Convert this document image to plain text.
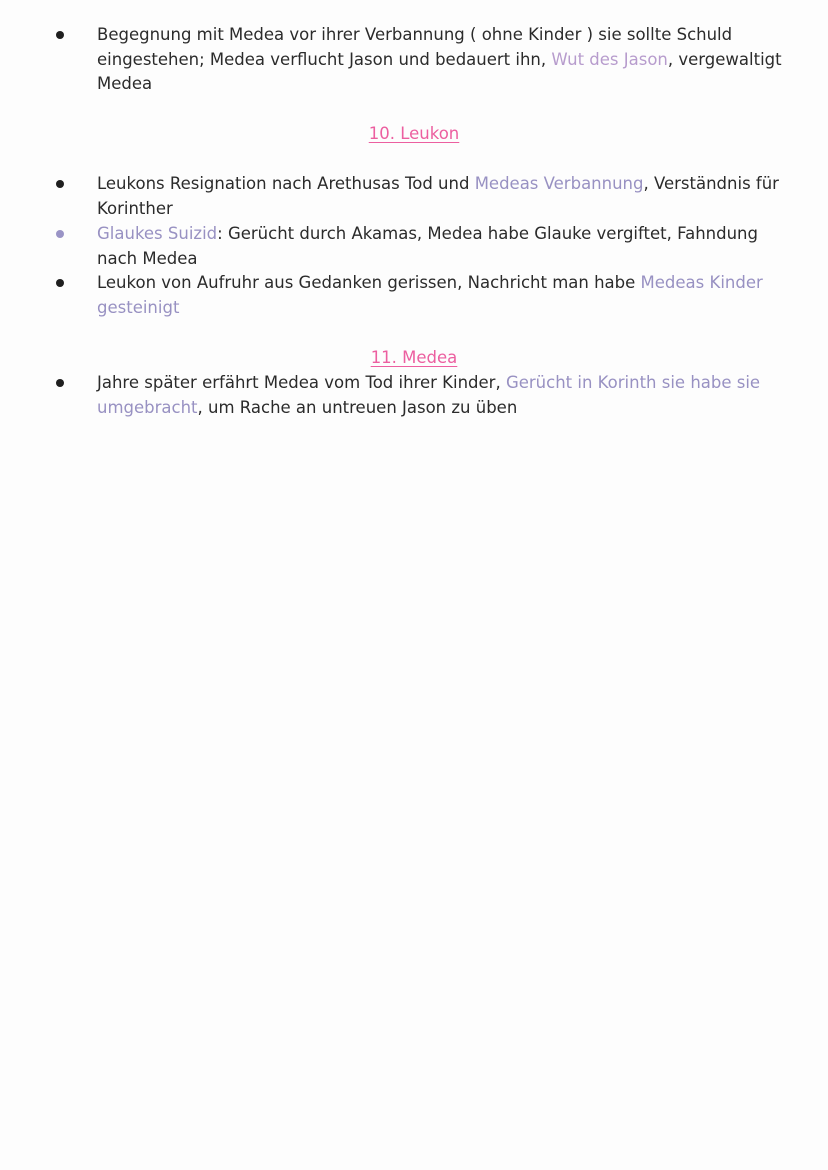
Begegnung mit Medea vor ihrer Verbannung ( ohne Kinder ) sie sollte Schuld eingestehen; Medea verflucht Jason und bedauert ihn, Wut des Jason, vergewaltigt Medea
10. Leukon
Leukons Resignation nach Arethusas Tod und Medeas Verbannung, Verständnis für Korinther
Glaukes Suizid: Gerücht durch Akamas, Medea habe Glauke vergiftet, Fahndung nach Medea
Leukon von Aufruhr aus Gedanken gerissen, Nachricht man habe Medeas Kinder gesteinigt
11. Medea
Jahre später erfährt Medea vom Tod ihrer Kinder, Gerücht in Korinth sie habe sie umgebracht, um Rache an untreuen Jason zu üben
